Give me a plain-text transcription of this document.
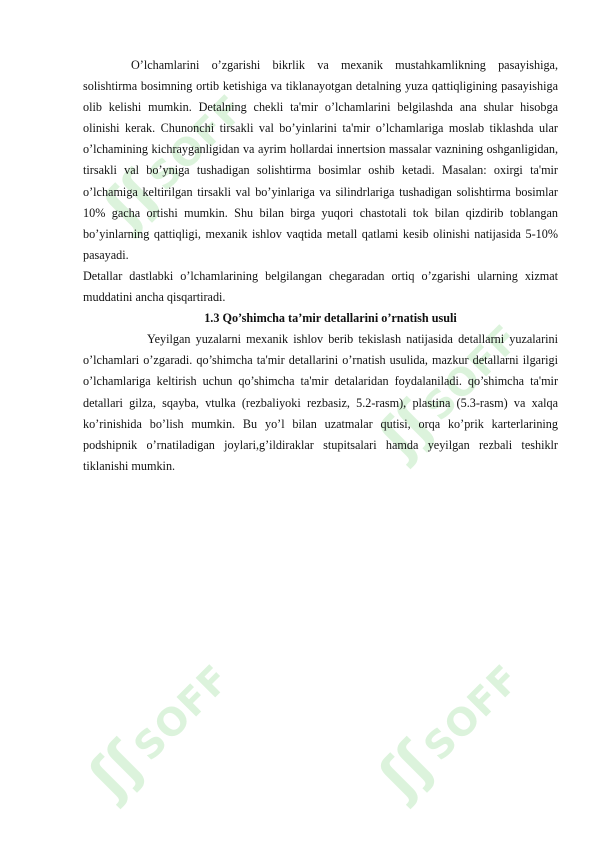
ʃʃ
SOFF
ʃʃ
SOFF
ʃʃ
SOFF
ʃʃ
SOFF

O’lchamlarini o’zgarishi bikrlik va mexanik mustahkamlikning pasayishiga, solishtirma bosimning ortib ketishiga va tiklanayotgan detalning yuza qattiqligining pasayishiga olib kelishi mumkin. Detalning chekli ta'mir o’lchamlarini belgilashda ana shular hisobga olinishi kerak. Chunonchi tirsakli val bo’yinlarini ta'mir o’lchamlariga moslab tiklashda ular o’lchamining kichrayganligidan va ayrim hollardai innertsion massalar vaznining oshganligidan, tirsakli val bo’yniga tushadigan solishtirma bosimlar oshib ketadi. Masalan: oxirgi ta'mir o’lchamiga keltirilgan tirsakli val bo’yinlariga va silindrlariga tushadigan solishtirma bosimlar 10% gacha ortishi mumkin. Shu bilan birga yuqori chastotali tok bilan qizdirib toblangan bo’yinlarning qattiqligi, mexanik ishlov vaqtida metall qatlami kesib olinishi natijasida 5-10% pasayadi.

Detallar dastlabki o’lchamlarining belgilangan chegaradan ortiq o’zgarishi ularning xizmat muddatini ancha qisqartiradi.

1.3 Qo’shimcha ta’mir detallarini o’rnatish usuli

Yeyilgan yuzalarni mexanik ishlov berib tekislash natijasida detallarni yuzalarini o’lchamlari o’zgaradi. qo’shimcha ta'mir detallarini o’rnatish usulida, mazkur detallarni ilgarigi o’lchamlariga keltirish uchun qo’shimcha ta'mir detalaridan foydalaniladi. qo’shimcha ta'mir detallari gilza, sqayba, vtulka (rezbaliyoki rezbasiz, 5.2-rasm), plastina (5.3-rasm) va xalqa ko’rinishida bo’lish mumkin. Bu yo’l bilan uzatmalar qutisi, orqa ko’prik karterlarining podshipnik o’rnatiladigan joylari,g’ildiraklar stupitsalari hamda yeyilgan rezbali teshiklr tiklanishi mumkin.
